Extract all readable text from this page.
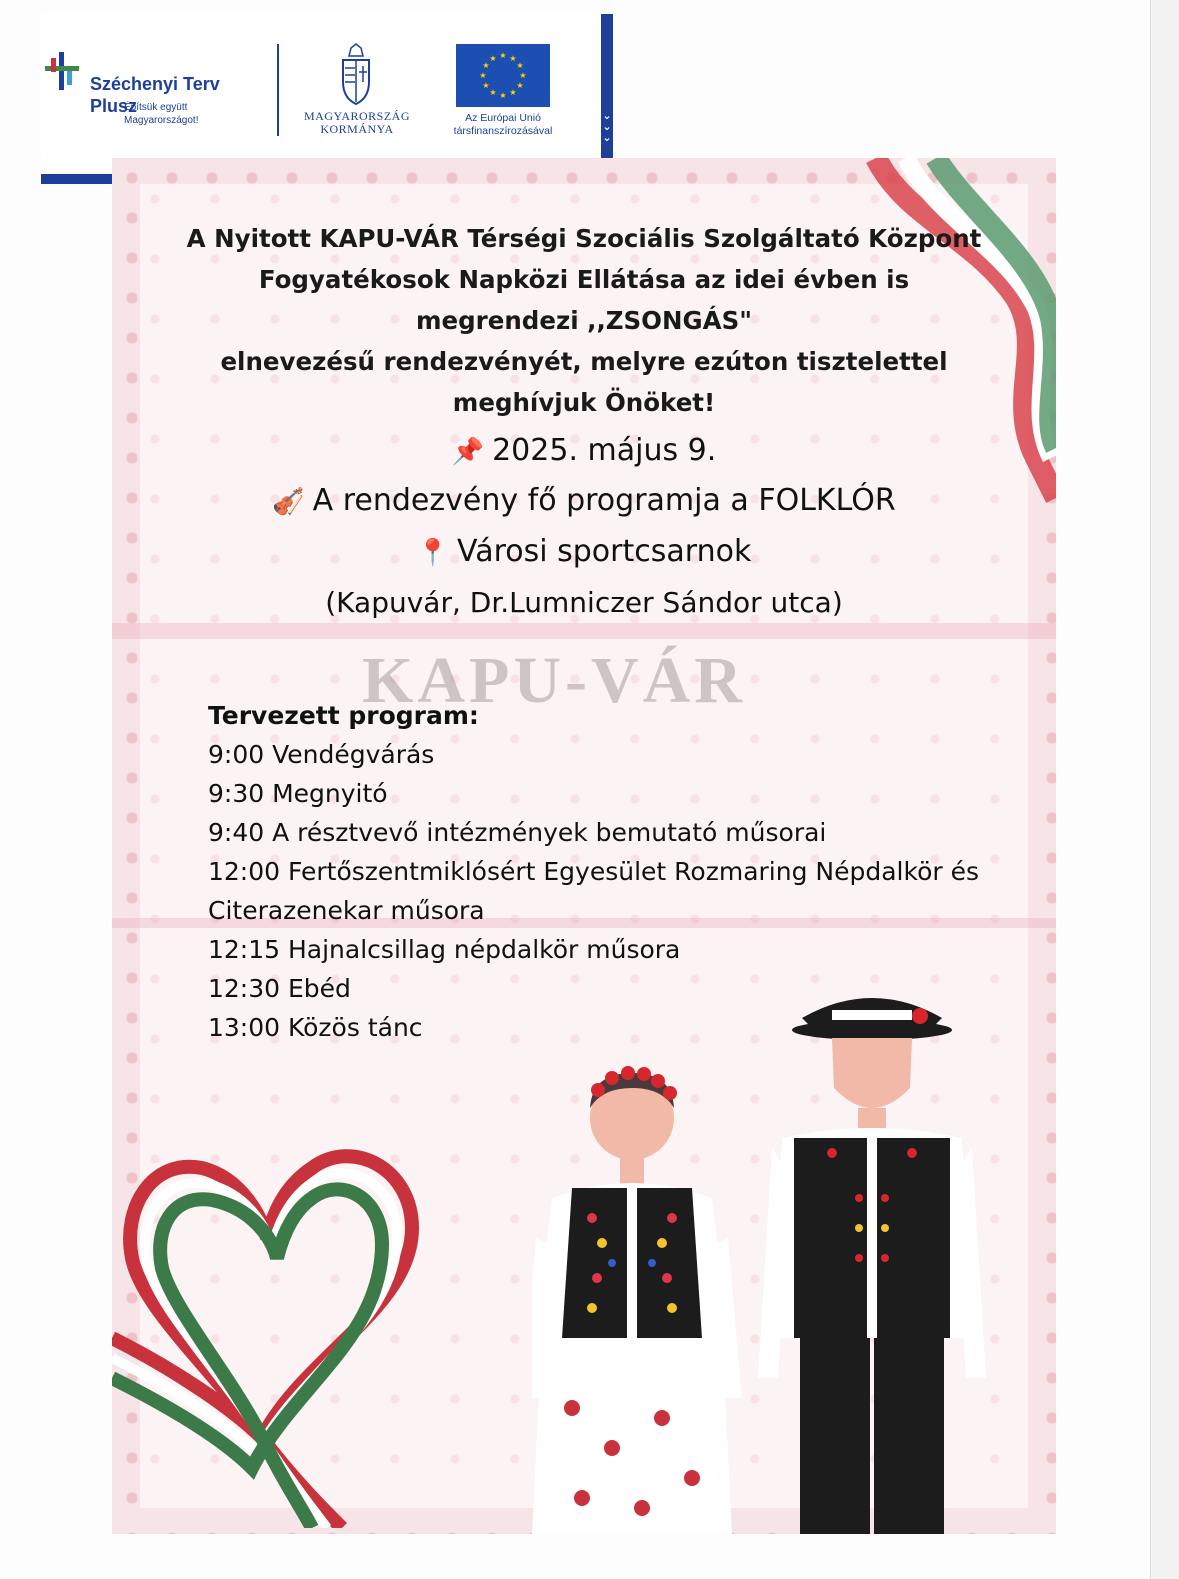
Széchenyi Terv
Plusz
Építsük együtt Magyarországot!	MAGYARORSZÁG KORMÁNYA
★ ★
★
★
★
★
★
★
★
★
★
★
Az Európai Unió társfinanszírozásával
⌄
⌄
⌄
KAPU-VÁR
A Nyitott KAPU-VÁR Térségi Szociális Szolgáltató Központ
Fogyatékosok Napközi Ellátása az idei évben is
megrendezi ,,ZSONGÁS"
elnevezésű rendezvényét, melyre ezúton tisztelettel
meghívjuk Önöket!
📌 2025. május 9.
🎻 A rendezvény fő programja a FOLKLÓR
📍 Városi sportcsarnok
(Kapuvár, Dr.Lumniczer Sándor utca)
Tervezett program:
9:00 Vendégvárás
9:30 Megnyitó
9:40 A résztvevő intézmények bemutató műsorai
12:00 Fertőszentmiklósért Egyesület Rozmaring Népdalkör és
Citerazenekar műsora
12:15 Hajnalcsillag népdalkör műsora
12:30 Ebéd
13:00 Közös tánc
